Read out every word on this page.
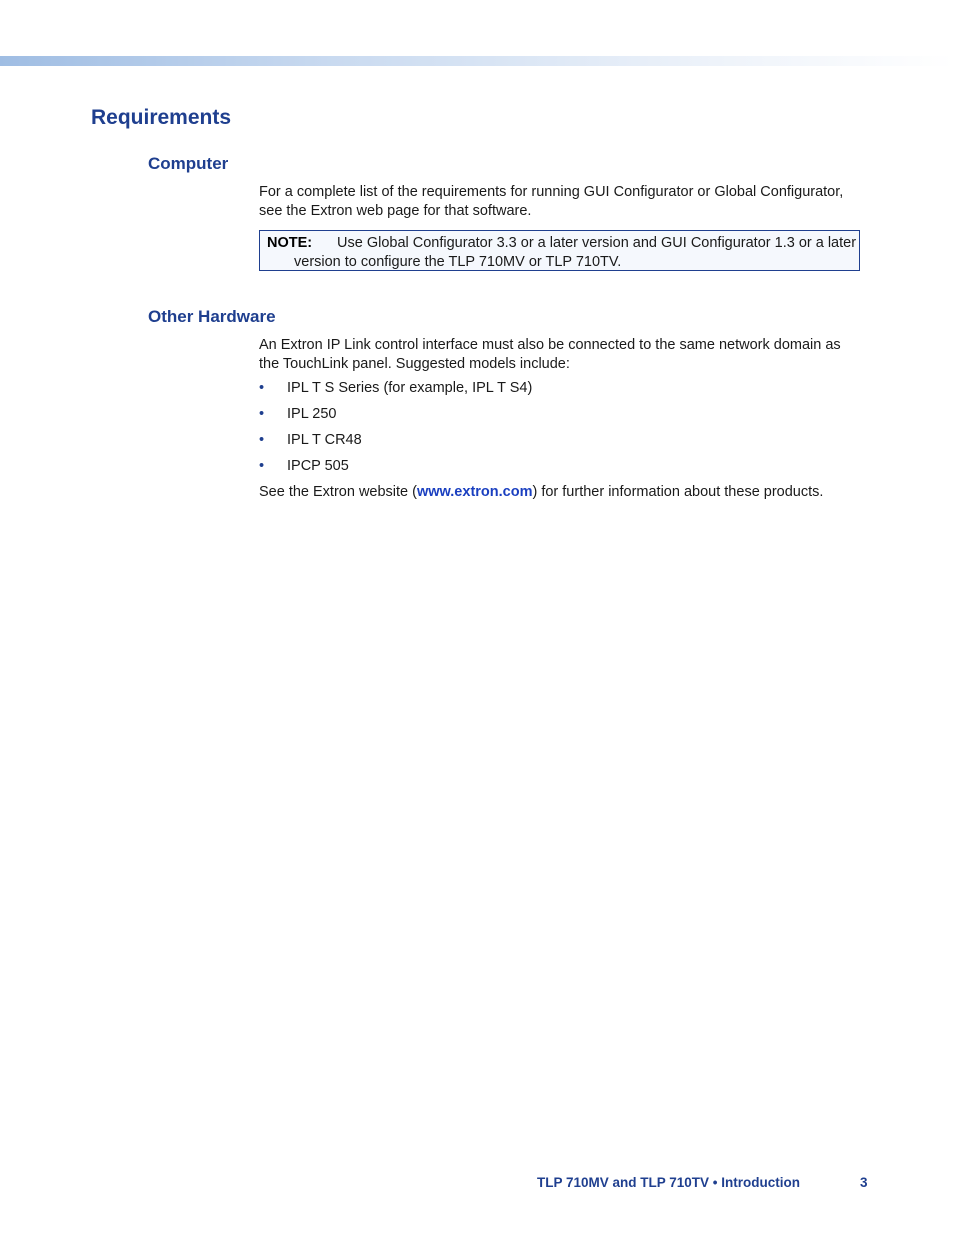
Requirements
Computer

For a complete list of the requirements for running GUI Configurator or Global Configurator, see the Extron web page for that software.

NOTE: Use Global Configurator 3.3 or a later version and GUI Configurator 1.3 or a later version to configure the TLP 710MV or TLP 710TV.
Other Hardware

An Extron IP Link control interface must also be connected to the same network domain as the TouchLink panel. Suggested models include:

• IPL T S Series (for example, IPL T S4)
• IPL 250
• IPL T CR48
• IPCP 505

See the Extron website (www.extron.com) for further information about these products.

TLP 710MV and TLP 710TV • Introduction	3
